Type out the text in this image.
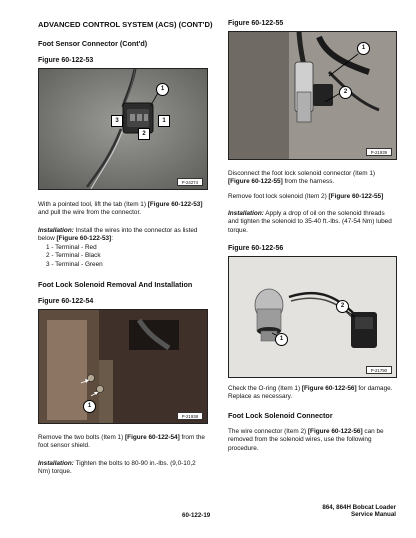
ADVANCED CONTROL SYSTEM (ACS) (CONT'D)
Foot Sensor Connector (Cont'd)
Figure 60-122-53
1
3	1
2
P-24274
With a pointed tool, lift the tab (Item 1) [Figure 60-122-53] and pull the wire from the connector.
Installation: Install the wires into the connector as listed below [Figure 60-122-53]:
1 - Terminal - Red
2 - Terminal - Black
3 - Terminal - Green
Foot Lock Solenoid Removal And Installation
Figure 60-122-54
1
P-21938
Remove the two bolts (Item 1) [Figure 60-122-54] from the foot sensor shield.
Installation: Tighten the bolts to 80-90 in.-lbs. (9,0-10,2 Nm) torque.
Figure 60-122-55
1
2
P-21939
Disconnect the foot lock solenoid connector (Item 1) [Figure 60-122-55] from the harness.
Remove foot lock solenoid (Item 2) [Figure 60-122-55]
Installation: Apply a drop of oil on the solenoid threads and tighten the solenoid to 35-40 ft.-lbs. (47-54 Nm) lubed torque.
Figure 60-122-56
1
2
P-21790
Check the O-ring (Item 1) [Figure 60-122-56] for damage. Replace as necessary.
Foot Lock Solenoid Connector
The wire connector (Item 2) [Figure 60-122-56] can be removed from the solenoid wires, use the following procedure.
60-122-19
864, 864H Bobcat Loader
Service Manual
